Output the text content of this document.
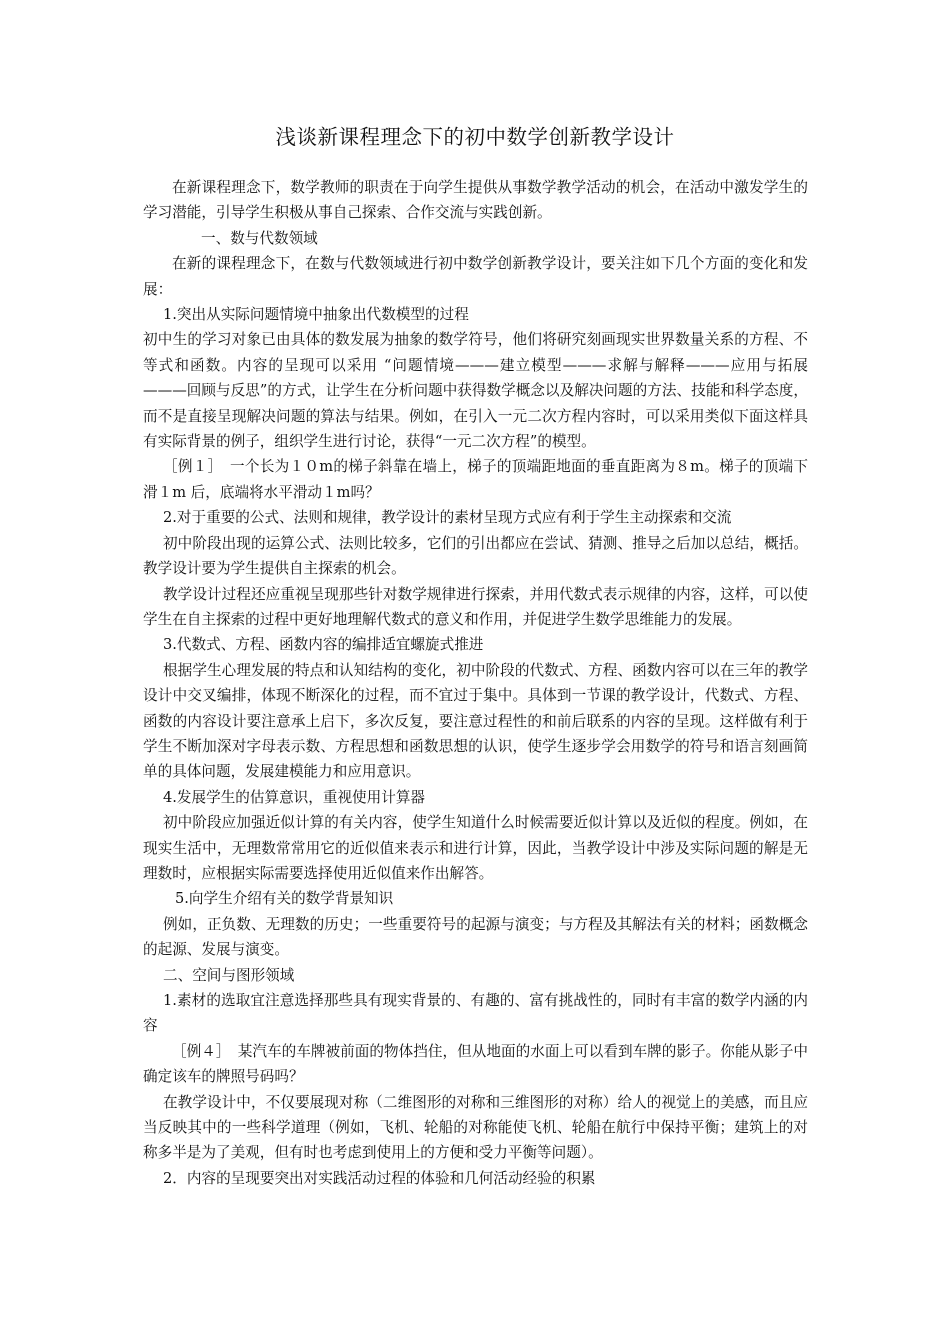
浅谈新课程理念下的初中数学创新教学设计

在新课程理念下，数学教师的职责在于向学生提供从事数学教学活动的机会，在活动中激发学生的学习潜能，引导学生积极从事自己探索、合作交流与实践创新。

一、数与代数领域

在新的课程理念下，在数与代数领域进行初中数学创新教学设计，要关注如下几个方面的变化和发展：

1.突出从实际问题情境中抽象出代数模型的过程

初中生的学习对象已由具体的数发展为抽象的数学符号，他们将研究刻画现实世界数量关系的方程、不等式和函数。内容的呈现可以采用 “问题情境———建立模型———求解与解释———应用与拓展———回顾与反思”的方式，让学生在分析问题中获得数学概念以及解决问题的方法、技能和科学态度，而不是直接呈现解决问题的算法与结果。例如，在引入一元二次方程内容时，可以采用类似下面这样具有实际背景的例子，组织学生进行讨论，获得“一元二次方程”的模型。

［例１］　一个长为１０m的梯子斜靠在墙上，梯子的顶端距地面的垂直距离为８m。梯子的顶端下滑１m 后，底端将水平滑动１m吗？

2.对于重要的公式、法则和规律，教学设计的素材呈现方式应有利于学生主动探索和交流

初中阶段出现的运算公式、法则比较多，它们的引出都应在尝试、猜测、推导之后加以总结，概括。教学设计要为学生提供自主探索的机会。

教学设计过程还应重视呈现那些针对数学规律进行探索，并用代数式表示规律的内容，这样，可以使学生在自主探索的过程中更好地理解代数式的意义和作用，并促进学生数学思维能力的发展。

3.代数式、方程、函数内容的编排适宜螺旋式推进

根据学生心理发展的特点和认知结构的变化，初中阶段的代数式、方程、函数内容可以在三年的教学设计中交叉编排，体现不断深化的过程，而不宜过于集中。具体到一节课的教学设计，代数式、方程、函数的内容设计要注意承上启下，多次反复，要注意过程性的和前后联系的内容的呈现。这样做有利于学生不断加深对字母表示数、方程思想和函数思想的认识，使学生逐步学会用数学的符号和语言刻画简单的具体问题，发展建模能力和应用意识。

4.发展学生的估算意识，重视使用计算器

初中阶段应加强近似计算的有关内容，使学生知道什么时候需要近似计算以及近似的程度。例如，在现实生活中，无理数常常用它的近似值来表示和进行计算，因此，当教学设计中涉及实际问题的解是无理数时，应根据实际需要选择使用近似值来作出解答。

5.向学生介绍有关的数学背景知识

例如，正负数、无理数的历史；一些重要符号的起源与演变；与方程及其解法有关的材料；函数概念的起源、发展与演变。

二、空间与图形领域

1.素材的选取宜注意选择那些具有现实背景的、有趣的、富有挑战性的，同时有丰富的数学内涵的内容

［例４］　某汽车的车牌被前面的物体挡住，但从地面的水面上可以看到车牌的影子。你能从影子中确定该车的牌照号码吗？

在教学设计中，不仅要展现对称（二维图形的对称和三维图形的对称）给人的视觉上的美感，而且应当反映其中的一些科学道理（例如，飞机、轮船的对称能使飞机、轮船在航行中保持平衡；建筑上的对称多半是为了美观，但有时也考虑到使用上的方便和受力平衡等问题）。

2．内容的呈现要突出对实践活动过程的体验和几何活动经验的积累
